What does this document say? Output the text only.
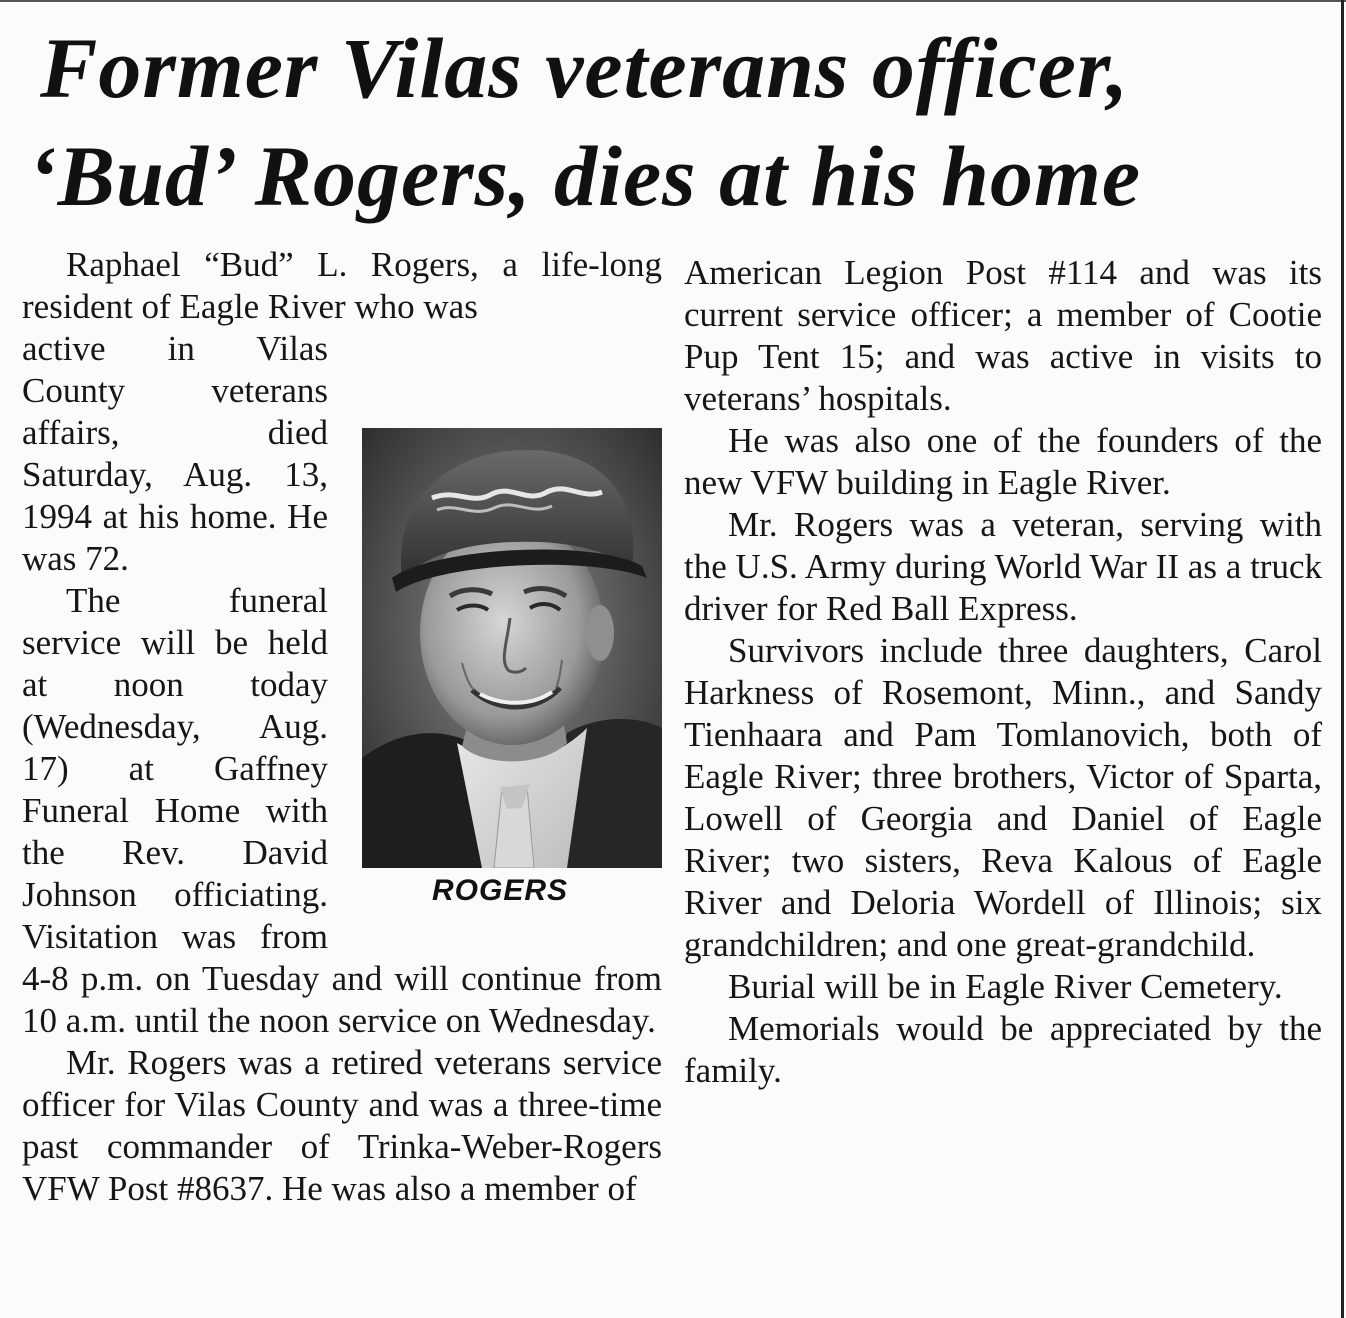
Former Vilas veterans officer,
‘Bud’ Rogers, dies at his home

Raphael “Bud” L. Rogers, a life-long resident of Eagle River who was

ROGERS

active in Vilas County veterans affairs, died Saturday, Aug. 13, 1994 at his home. He was 72.

The funeral service will be held at noon today (Wednesday, Aug. 17) at Gaffney Funeral Home with the Rev. David Johnson officiating. Visitation was from 4-8 p.m. on Tuesday and will continue from 10 a.m. until the noon service on Wednesday.

Mr. Rogers was a retired veterans service officer for Vilas County and was a three-time past commander of Trinka-Weber-Rogers VFW Post #8637. He was also a member of

American Legion Post #114 and was its current service officer; a member of Cootie Pup Tent 15; and was active in visits to veterans’ hospitals.

He was also one of the founders of the new VFW building in Eagle River.

Mr. Rogers was a veteran, serving with the U.S. Army during World War II as a truck driver for Red Ball Express.

Survivors include three daughters, Carol Harkness of Rosemont, Minn., and Sandy Tienhaara and Pam Tomlanovich, both of Eagle River; three brothers, Victor of Sparta, Lowell of Georgia and Daniel of Eagle River; two sisters, Reva Kalous of Eagle River and Deloria Wordell of Illinois; six grandchildren; and one great-grandchild.

Burial will be in Eagle River Cemetery.

Memorials would be appreciated by the family.
